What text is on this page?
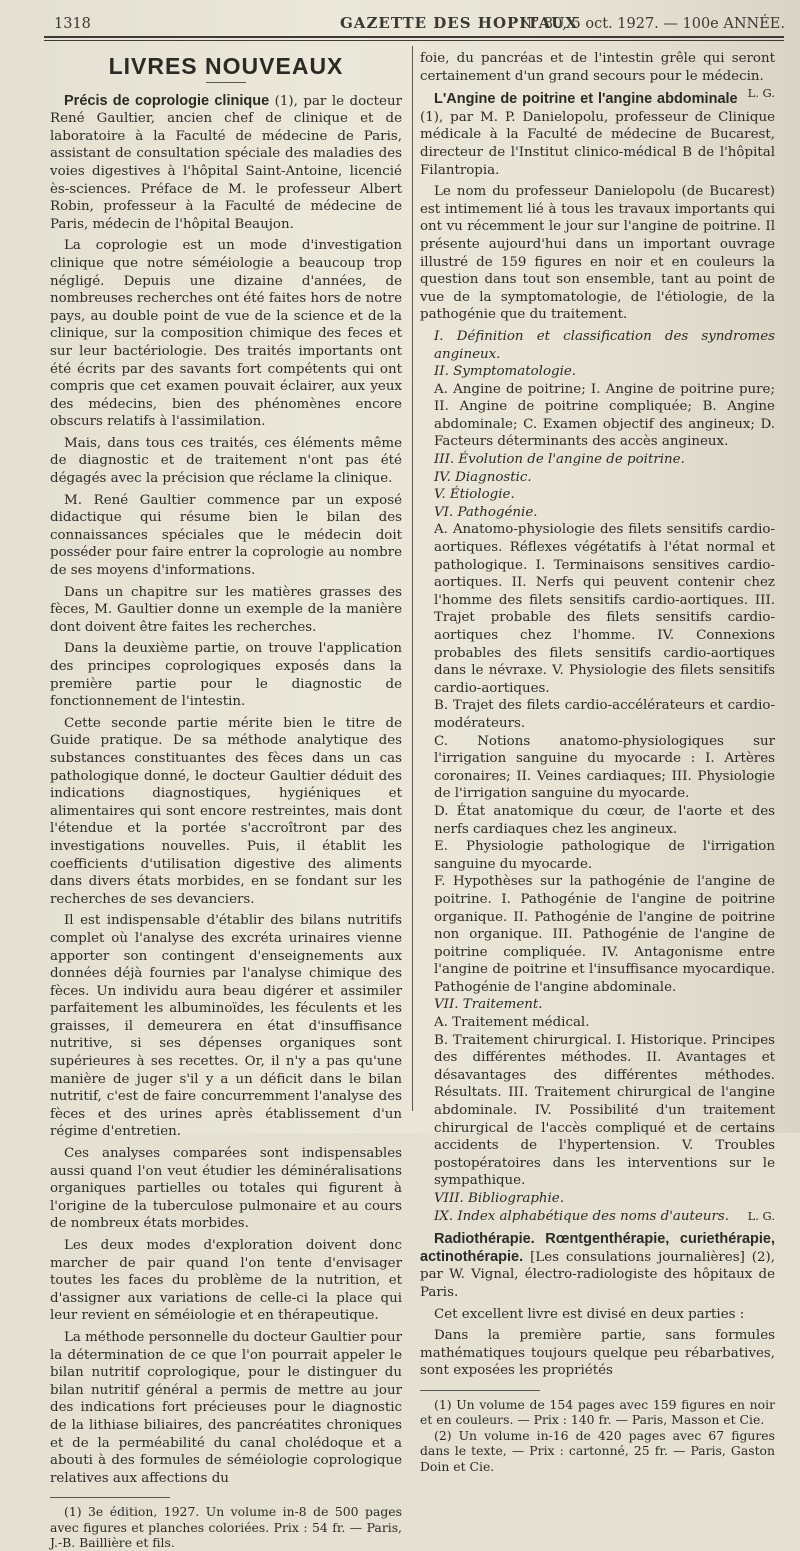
1318	GAZETTE DES HOPITAUX
N° 80, 5 oct. 1927. — 100e ANNÉE.
LIVRES NOUVEAUX

Précis de coprologie clinique (1), par le docteur René Gaultier, ancien chef de clinique et de laboratoire à la Faculté de médecine de Paris, assistant de consultation spéciale des maladies des voies digestives à l'hôpital Saint-Antoine, licencié ès-sciences. Préface de M. le professeur Albert Robin, professeur à la Faculté de médecine de Paris, médecin de l'hôpital Beaujon.

La coprologie est un mode d'investigation clinique que notre séméiologie a beaucoup trop négligé. Depuis une dizaine d'années, de nombreuses recherches ont été faites hors de notre pays, au double point de vue de la science et de la clinique, sur la composition chimique des feces et sur leur bactériologie. Des traités importants ont été écrits par des savants fort compétents qui ont compris que cet examen pouvait éclairer, aux yeux des médecins, bien des phénomènes encore obscurs relatifs à l'assimilation.

Mais, dans tous ces traités, ces éléments même de diagnostic et de traitement n'ont pas été dégagés avec la précision que réclame la clinique.

M. René Gaultier commence par un exposé didactique qui résume bien le bilan des connaissances spéciales que le médecin doit posséder pour faire entrer la coprologie au nombre de ses moyens d'informations.

Dans un chapitre sur les matières grasses des fèces, M. Gaultier donne un exemple de la manière dont doivent être faites les recherches.

Dans la deuxième partie, on trouve l'application des principes coprologiques exposés dans la première partie pour le diagnostic de fonctionnement de l'intestin.

Cette seconde partie mérite bien le titre de Guide pratique. De sa méthode analytique des substances constituantes des fèces dans un cas pathologique donné, le docteur Gaultier déduit des indications diagnostiques, hygiéniques et alimentaires qui sont encore restreintes, mais dont l'étendue et la portée s'accroîtront par des investigations nouvelles. Puis, il établit les coefficients d'utilisation digestive des aliments dans divers états morbides, en se fondant sur les recherches de ses devanciers.

Il est indispensable d'établir des bilans nutritifs complet où l'analyse des excréta urinaires vienne apporter son contingent d'enseignements aux données déjà fournies par l'analyse chimique des fèces. Un individu aura beau digérer et assimiler parfaitement les albuminoïdes, les féculents et les graisses, il demeurera en état d'insuffisance nutritive, si ses dépenses organiques sont supérieures à ses recettes. Or, il n'y a pas qu'une manière de juger s'il y a un déficit dans le bilan nutritif, c'est de faire concurremment l'analyse des fèces et des urines après établissement d'un régime d'entretien.

Ces analyses comparées sont indispensables aussi quand l'on veut étudier les déminéralisations organiques partielles ou totales qui figurent à l'origine de la tuberculose pulmonaire et au cours de nombreux états morbides.

Les deux modes d'exploration doivent donc marcher de pair quand l'on tente d'envisager toutes les faces du problème de la nutrition, et d'assigner aux variations de celle-ci la place qui leur revient en séméiologie et en thérapeutique.

La méthode personnelle du docteur Gaultier pour la détermination de ce que l'on pourrait appeler le bilan nutritif coprologique, pour le distinguer du bilan nutritif général a permis de mettre au jour des indications fort précieuses pour le diagnostic de la lithiase biliaires, des pancréatites chroniques et de la perméabilité du canal cholédoque et a abouti à des formules de séméiologie coprologique relatives aux affections du

(1) 3e édition, 1927. Un volume in-8 de 500 pages avec figures et planches coloriées. Prix : 54 fr. — Paris, J.-B. Baillière et fils.

foie, du pancréas et de l'intestin grêle qui seront certainement d'un grand secours pour le médecin.
L. G.

L'Angine de poitrine et l'angine abdominale (1), par M. P. Danielopolu, professeur de Clinique médicale à la Faculté de médecine de Bucarest, directeur de l'Institut clinico-médical B de l'hôpital Filantropia.

Le nom du professeur Danielopolu (de Bucarest) est intimement lié à tous les travaux importants qui ont vu récemment le jour sur l'angine de poitrine. Il présente aujourd'hui dans un important ouvrage illustré de 159 figures en noir et en couleurs la question dans tout son ensemble, tant au point de vue de la symptomatologie, de l'étiologie, de la pathogénie que du traitement.

I. Définition et classification des syndromes angineux.

II. Symptomatologie.

A. Angine de poitrine; I. Angine de poitrine pure; II. Angine de poitrine compliquée; B. Angine abdominale; C. Examen objectif des angineux; D. Facteurs déterminants des accès angineux.

III. Évolution de l'angine de poitrine.

IV. Diagnostic.

V. Étiologie.

VI. Pathogénie.

A. Anatomo-physiologie des filets sensitifs cardio-aortiques. Réflexes végétatifs à l'état normal et pathologique. I. Terminaisons sensitives cardio-aortiques. II. Nerfs qui peuvent contenir chez l'homme des filets sensitifs cardio-aortiques. III. Trajet probable des filets sensitifs cardio-aortiques chez l'homme. IV. Connexions probables des filets sensitifs cardio-aortiques dans le névraxe. V. Physiologie des filets sensitifs cardio-aortiques.

B. Trajet des filets cardio-accélérateurs et cardio-modérateurs.

C. Notions anatomo-physiologiques sur l'irrigation sanguine du myocarde : I. Artères coronaires; II. Veines cardiaques; III. Physiologie de l'irrigation sanguine du myocarde.

D. État anatomique du cœur, de l'aorte et des nerfs cardiaques chez les angineux.

E. Physiologie pathologique de l'irrigation sanguine du myocarde.

F. Hypothèses sur la pathogénie de l'angine de poitrine. I. Pathogénie de l'angine de poitrine organique. II. Pathogénie de l'angine de poitrine non organique. III. Pathogénie de l'angine de poitrine compliquée. IV. Antagonisme entre l'angine de poitrine et l'insuffisance myocardique. Pathogénie de l'angine abdominale.

VII. Traitement.

A. Traitement médical.

B. Traitement chirurgical. I. Historique. Principes des différentes méthodes. II. Avantages et désavantages des différentes méthodes. Résultats. III. Traitement chirurgical de l'angine abdominale. IV. Possibilité d'un traitement chirurgical de l'accès compliqué et de certains accidents de l'hypertension. V. Troubles postopératoires dans les interventions sur le sympathique.

VIII. Bibliographie.

IX. Index alphabétique des noms d'auteurs. L. G.

Radiothérapie. Rœntgenthérapie, curiethérapie, actinothérapie. [Les consulations journalières] (2), par W. Vignal, électro-radiologiste des hôpitaux de Paris.

Cet excellent livre est divisé en deux parties :

Dans la première partie, sans formules mathématiques toujours quelque peu rébarbatives, sont exposées les propriétés

(1) Un volume de 154 pages avec 159 figures en noir et en couleurs. — Prix : 140 fr. — Paris, Masson et Cie.

(2) Un volume in-16 de 420 pages avec 67 figures dans le texte, — Prix : cartonné, 25 fr. — Paris, Gaston Doin et Cie.
